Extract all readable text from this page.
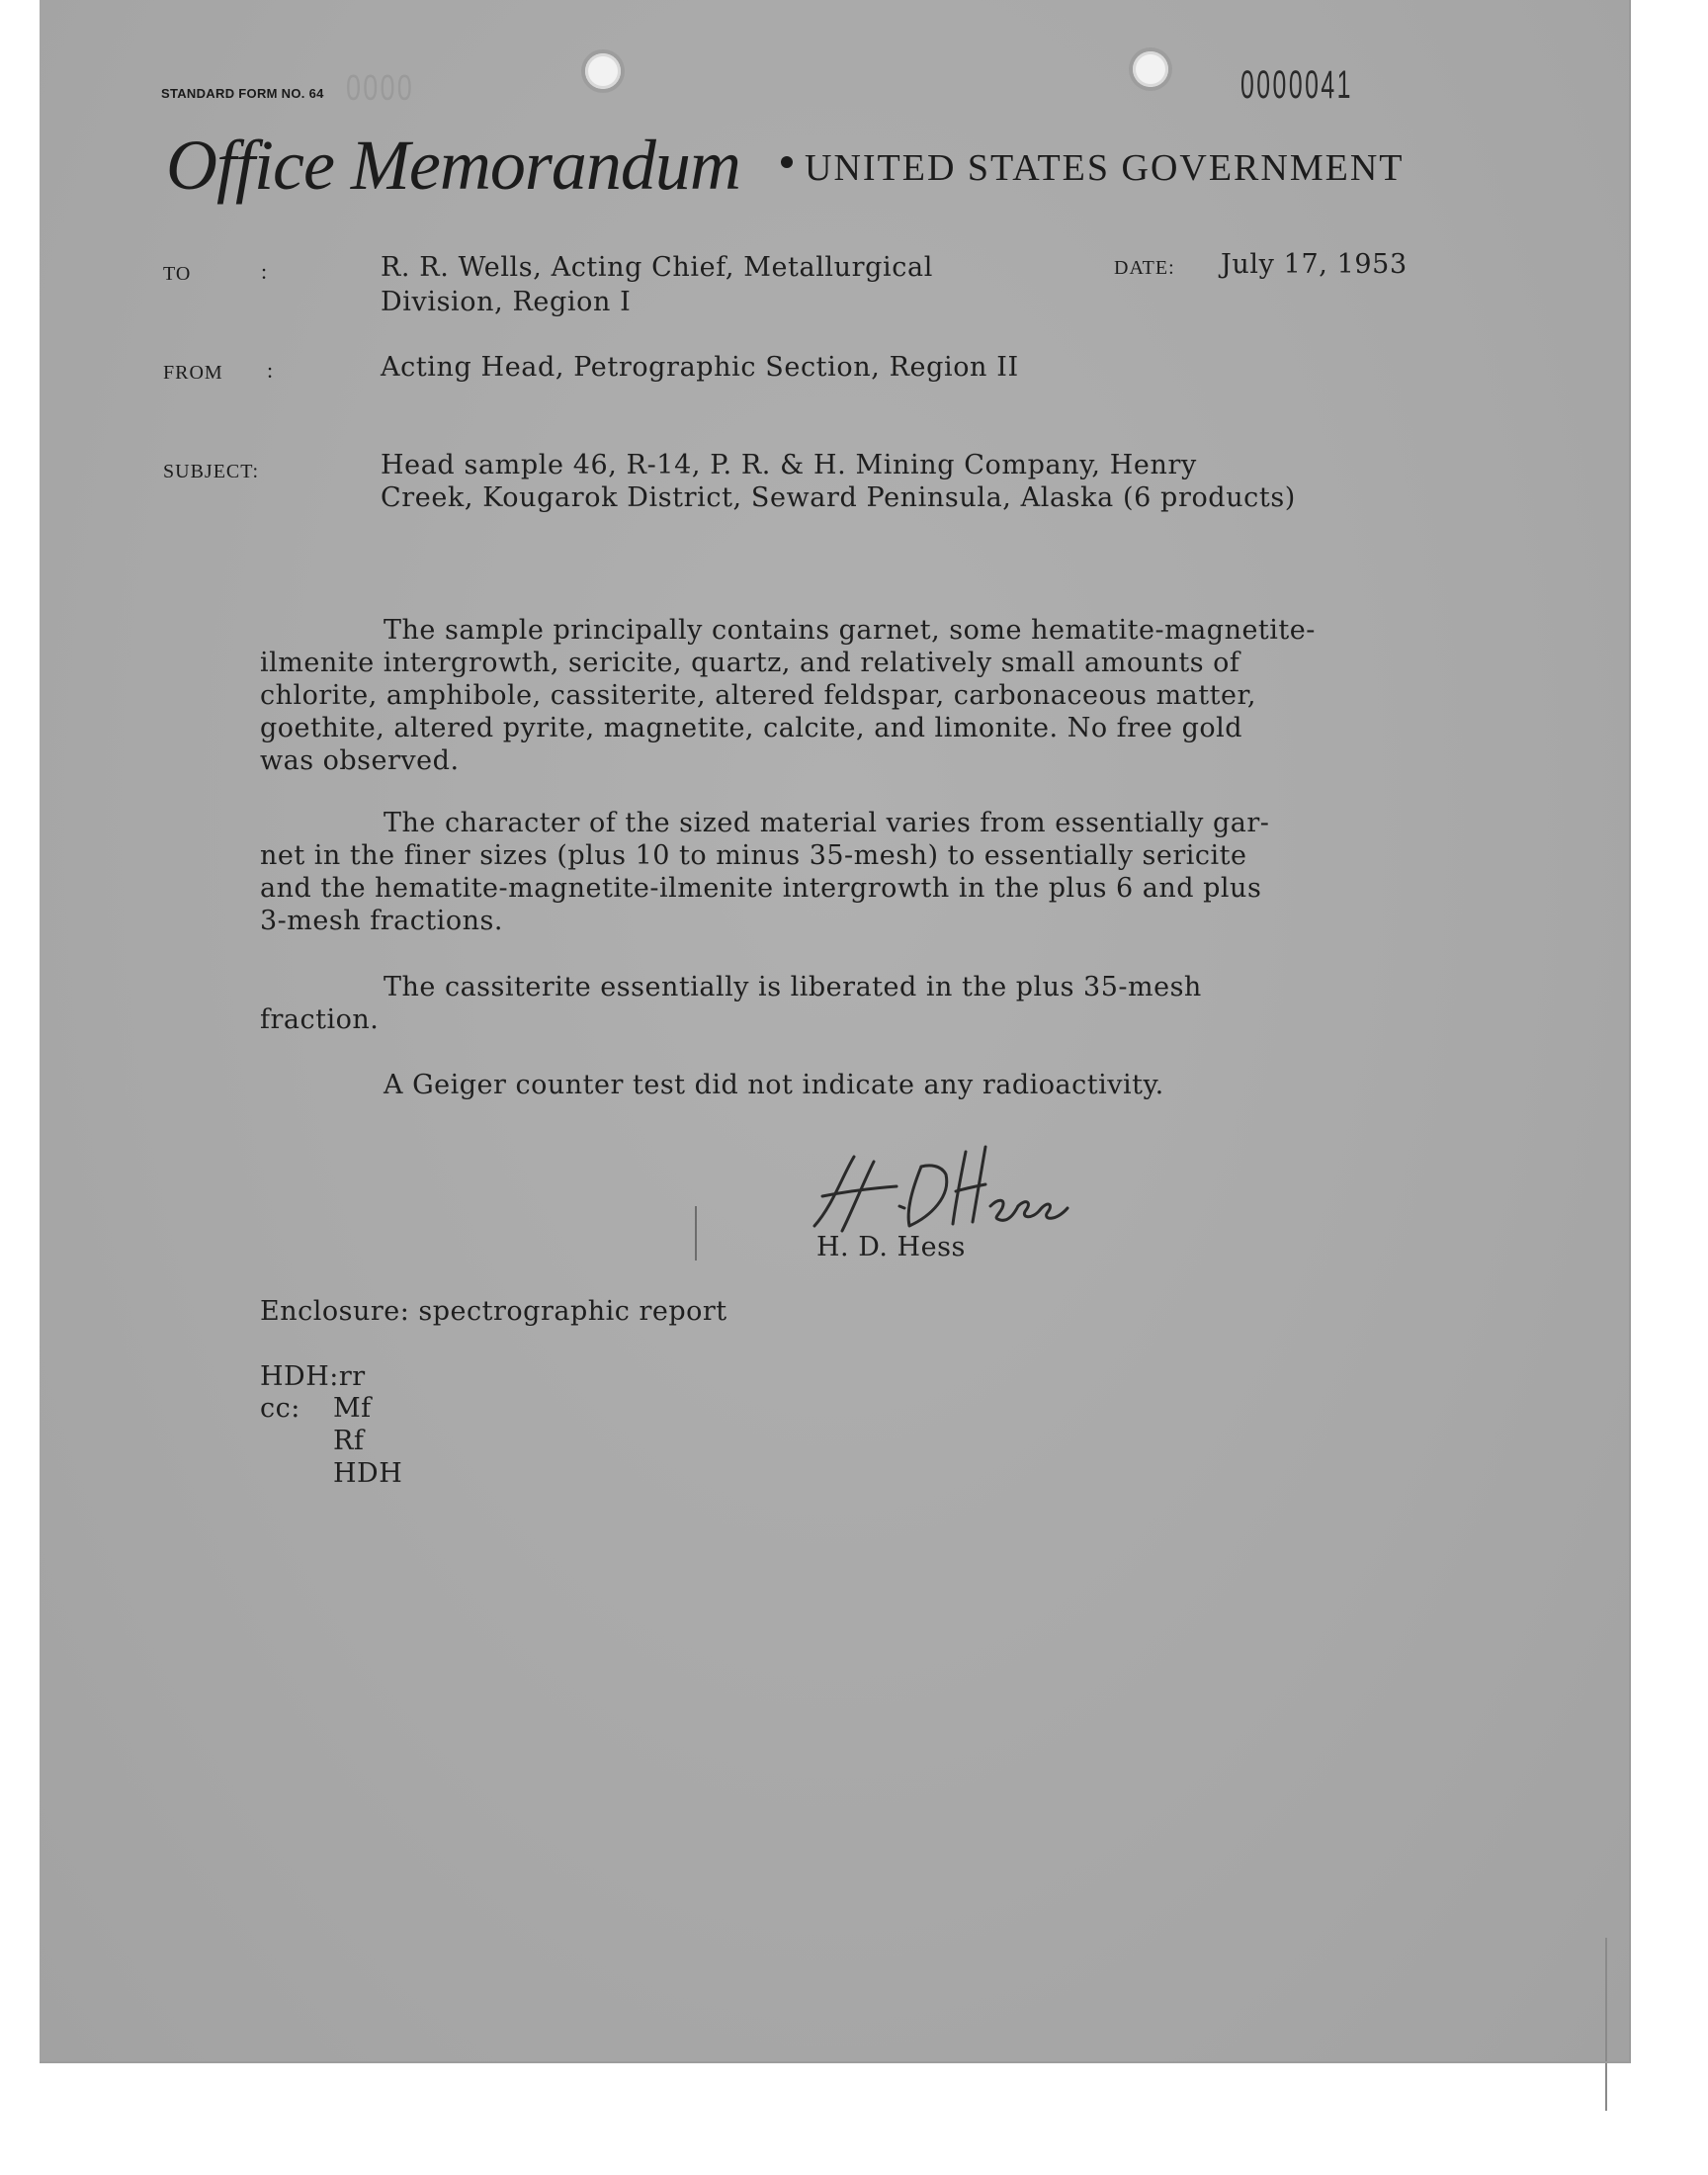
STANDARD FORM NO. 64 0000	0000041
Office Memorandum UNITED STATES GOVERNMENT
TO	:	R. R. Wells, Acting Chief, Metallurgical
Division, Region I
DATE: July 17, 1953
FROM :	Acting Head, Petrographic Section, Region II
SUBJECT:	Head sample 46, R-14, P. R. & H. Mining Company, Henry
Creek, Kougarok District, Seward Peninsula, Alaska (6 products)
The sample principally contains garnet, some hematite-magnetite-
ilmenite intergrowth, sericite, quartz, and relatively small amounts of
chlorite, amphibole, cassiterite, altered feldspar, carbonaceous matter,
goethite, altered pyrite, magnetite, calcite, and limonite. No free gold
was observed.
The character of the sized material varies from essentially gar-
net in the finer sizes (plus 10 to minus 35-mesh) to essentially sericite
and the hematite-magnetite-ilmenite intergrowth in the plus 6 and plus
3-mesh fractions.
The cassiterite essentially is liberated in the plus 35-mesh
fraction.
A Geiger counter test did not indicate any radioactivity.
H. D. Hess
Enclosure: spectrographic report
HDH:rr
cc: Mf
Rf
HDH
